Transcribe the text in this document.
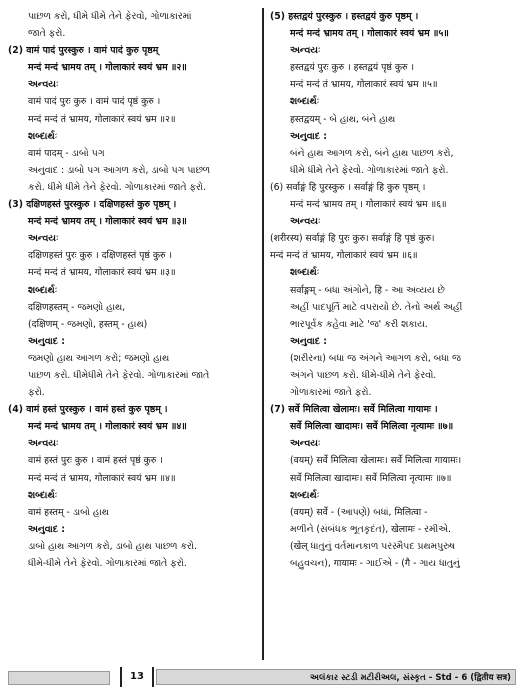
પાછળ કરો, ધીમે ધીમે તેને ફેરવો, ગોળાકારમાં
જાતે ફરો.
(2) वामं पादं पुरस्कुरु । वामं पादं कुरु पृष्ठम्
मन्दं मन्दं भ्रामय तम् । गोलाकारं स्वयं भ्रम ॥२॥
અન્વયઃ
वामं पादं पुरः कुरु । वामं पादं पृष्ठं कुरु ।
मन्दं मन्दं तं भ्रामय, गोलाकारं स्वयं भ्रम ॥२॥
શબ્દાર્થઃ
वामं पादम् - ડાબો પગ
અનુવાદ : ડાબો પગ આગળ કરો, ડાબો પગ પાછળ
કરો. ધીમે ધીમે તેને ફેરવો. ગોળાકારમાં જાતે ફરો.
(3) दक्षिणहस्तं पुरस्कुरु । दक्षिणहस्तं कुरु पृष्ठम् ।
मन्दं मन्दं भ्रामय तम् । गोलाकारं स्वयं भ्रम ॥३॥
અન્વયઃ
दक्षिणहस्तं पुरः कुरु । दक्षिणहस्तं पृष्ठं कुरु ।
मन्दं मन्दं तं भ्रामय, गोलाकारं स्वयं भ्रम ॥३॥
શબ્દાર્થઃ
दक्षिणहस्तम् - જમણો હાથ,
(दक्षिणम् - જમણો, हस्तम् - હાથ)
અનુવાદ :
જમણો હાથ આગળ કરો; જમણો હાથ
પાછળ કરો. ધીમેધીમે તેને ફેરવો. ગોળાકારમાં જાતે
ફરો.
(4) वामं हस्तं पुरस्कुरु । वामं हस्तं कुरु पृष्ठम् ।
मन्दं मन्दं भ्रामय तम् । गोलाकारं स्वयं भ्रम ॥४॥
અન્વયઃ
वामं हस्तं पुरः कुरु । वामं हस्तं पृष्ठं कुरु ।
मन्दं मन्दं तं भ्रामय, गोलाकारं स्वयं भ्रम ॥४॥
શબ્દાર્થઃ
वामं हस्तम् - ડાબો હાથ
અનુવાદ :
ડાબો હાથ આગળ કરો, ડાબો હાથ પાછળ કરો.
ધીમે-ધીમે તેને ફેરવો. ગોળાકારમાં જાતે ફરો.
(5) हस्तद्वयं पुरस्कुरु । हस्तद्वयं कुरु पृष्ठम् ।
मन्दं मन्दं भ्रामय तम् । गोलाकारं स्वयं भ्रम ॥५॥
અન્વયઃ
हस्तद्वयं पुरः कुरु । हस्तद्वयं पृष्ठं कुरु ।
मन्दं मन्दं तं भ्रामय, गोलाकारं स्वयं भ्रम ॥५॥
શબ્દાર્થઃ
हस्तद्वयम् - બે હાથ, બંને હાથ
અનુવાદ :
બંને હાથ આગળ કરો, બંને હાથ પાછળ કરો,
ધીમે ધીમે તેને ફેરવો. ગોળાકારમાં જાતે ફરો.
(6) सर्वाङ्गं हि पुरस्कुरु । सर्वाङ्गं हि कुरु पृष्ठम् ।
मन्दं मन्दं भ्रामय तम् । गोलाकारं स्वयं भ्रम ॥६॥
અન્વયઃ
(शरीरस्य) सर्वाङ्गं हि पुरः कुरु। सर्वाङ्गं हि पृष्ठं कुरु।
मन्दं मन्दं तं भ्रामय, गोलाकारं स्वयं भ्रम ॥६॥
શબ્દાર્થઃ
सर्वाङ्गम् - બધા અંગોને, हि - આ અવ્યય છે
અહીં પાદપૂર્તિ માટે વપરાયો છે. તેનો અર્થ અહીં
ભારપૂર્વક કહેવા માટે 'જ' કરી શકાય.
અનુવાદ :
(શરીરના) બધા જ અંગને આગળ કરો, બધા જ
અંગને પાછળ કરો. ધીમે-ધીમે તેને ફેરવો.
ગોળાકારમાં જાતે ફરો.
(7) सर्वे मिलित्वा खेलामः। सर्वे मिलित्वा गायामः ।
सर्वे मिलित्वा खादामः। सर्वे मिलित्वा नृत्यामः ॥७॥
અન્વયઃ
(वयम्) सर्वे मिलित्वा खेलामः। सर्वे मिलित्वा गायामः।
सर्वे मिलित्वा खादामः। सर्वे मिलित्वा नृत्यामः ॥७॥
શબ્દાર્થઃ
(वयम्) सर्वे - (આપણે) બધાં, मिलित्वा -
મળીને (સંબંધક ભૂતકૃદંત), खेलामः - રમીએ.
(खेल् ધાતુનું વર્તમાનકાળ પરસ્મૈપદ પ્રથમપુરુષ
બહુવચન), गायामः - ગાઈએ - (गै - ગાય ધાતુનું
13	અલંકાર સ્ટડી મટીરીઅલ, સંસ્કૃત - Std - 6 (द्वितीय सत्र)
